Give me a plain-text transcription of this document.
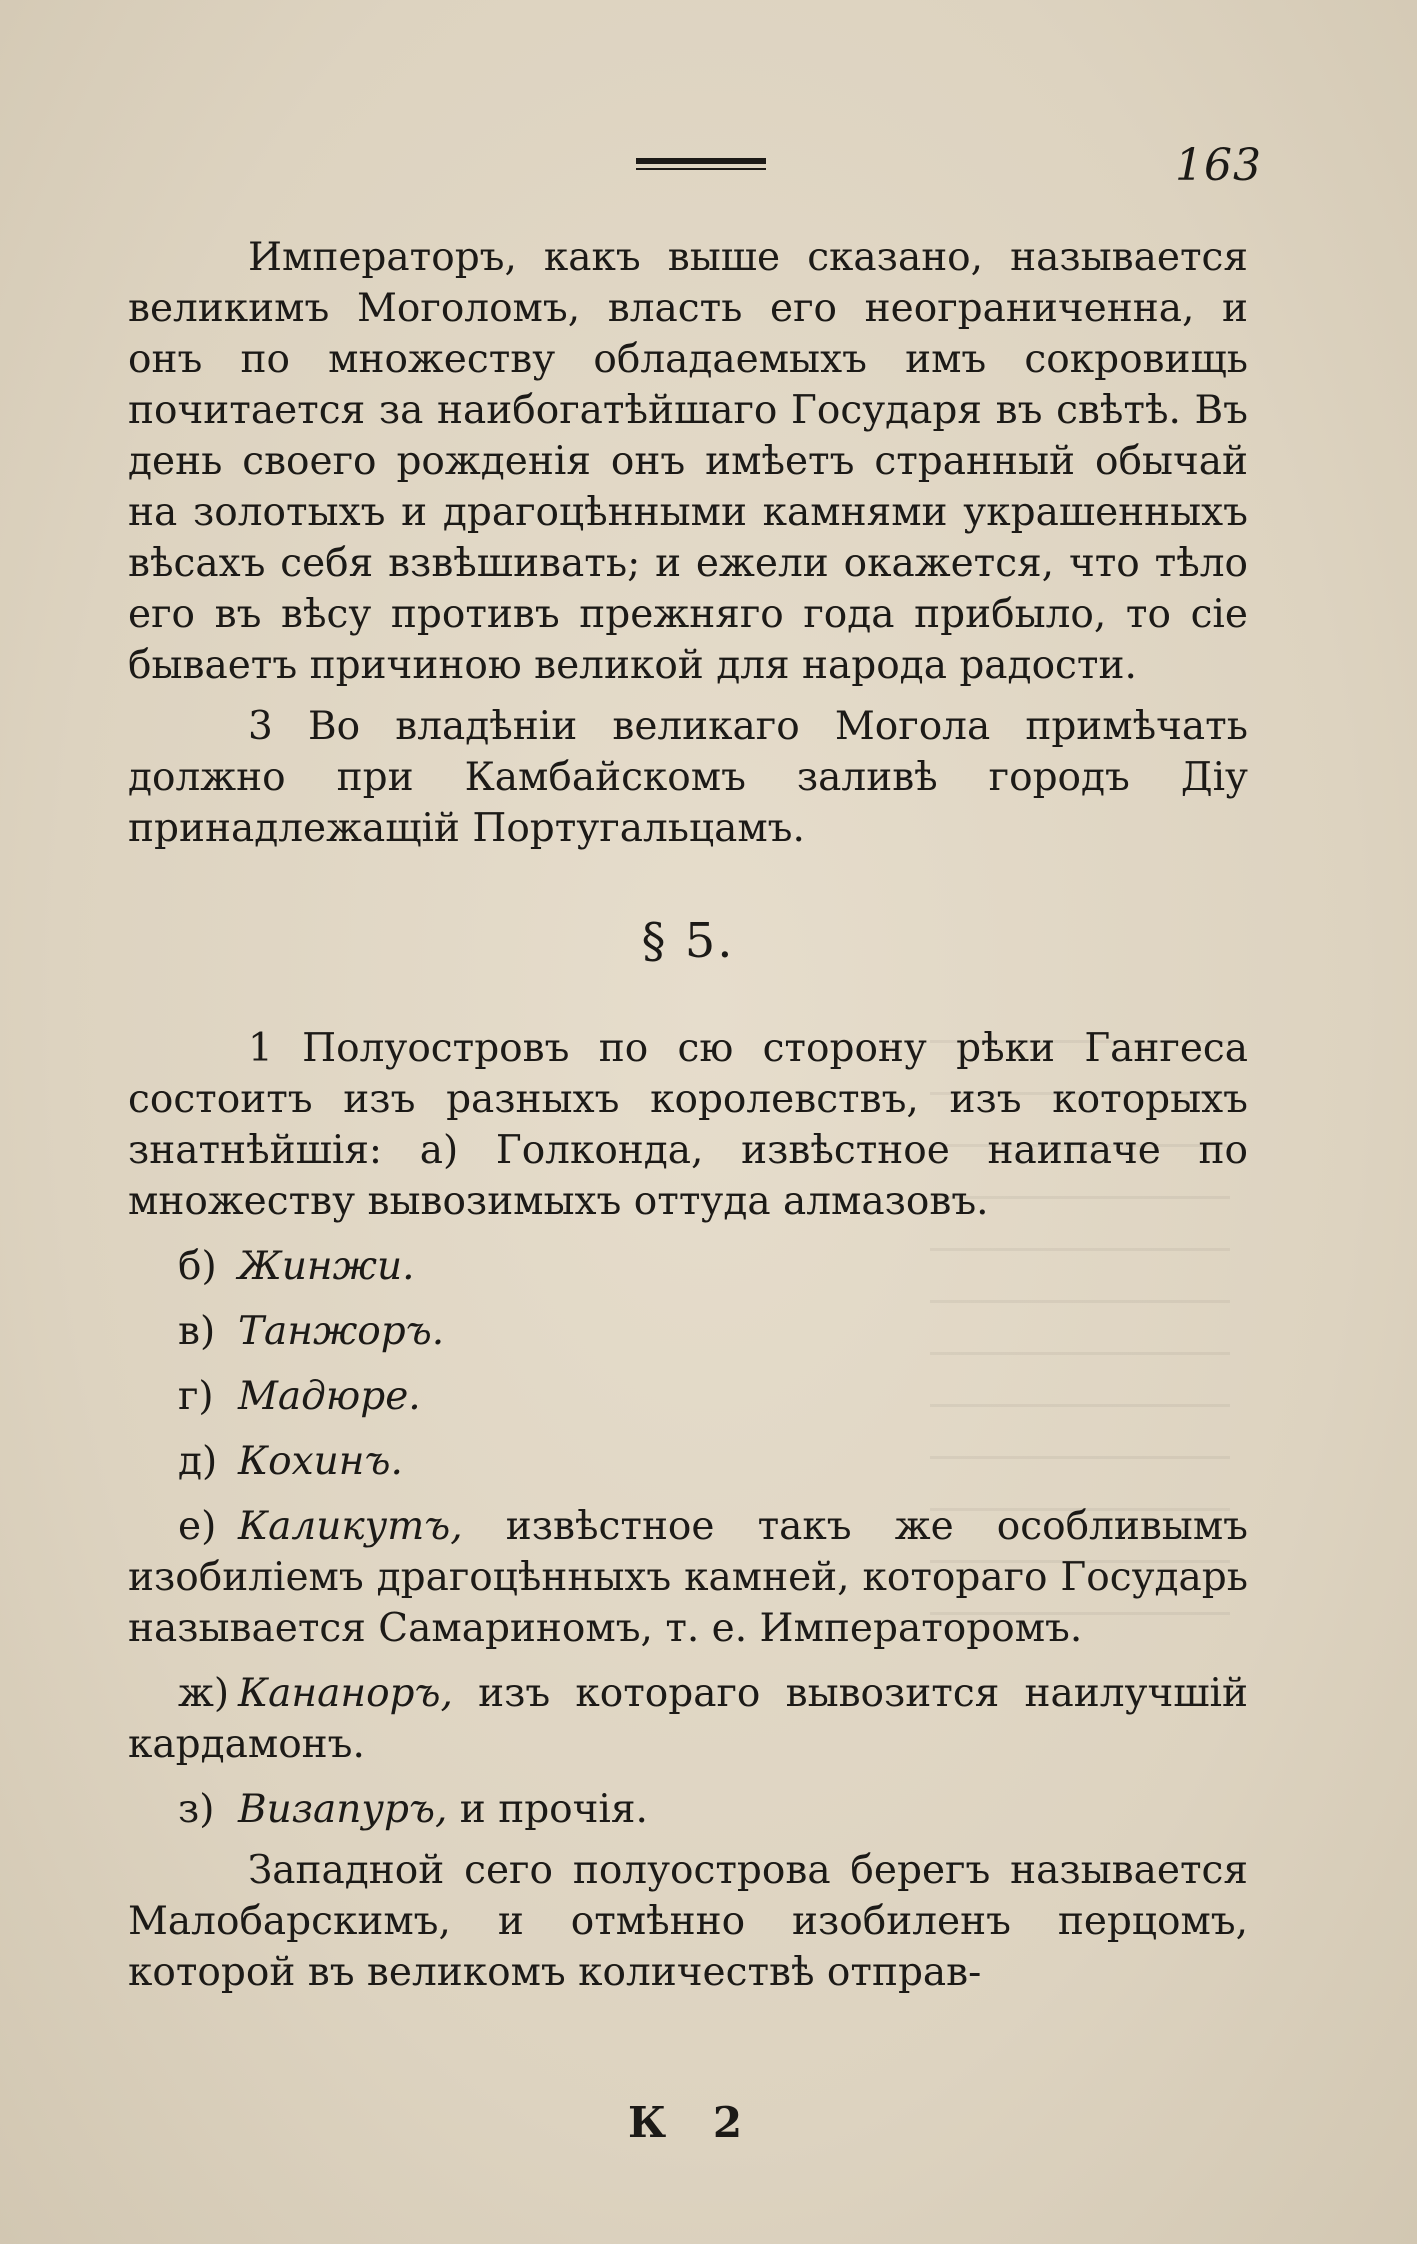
163

Императоръ, какъ выше сказано, называется великимъ Моголомъ, власть его неограниченна, и онъ по множеству обладаемыхъ имъ сокровищь почитается за наибогатѣйшаго Государя въ свѣтѣ. Въ день своего рожденія онъ имѣетъ странный обычай на золотыхъ и драгоцѣнными камнями украшенныхъ вѣсахъ себя взвѣшивать; и ежели окажется, что тѣло его въ вѣсу противъ прежняго года прибыло, то сіе бываетъ причиною великой для народа радости.

3 Во владѣніи великаго Могола примѣчать должно при Камбайскомъ заливѣ городъ Діу принадлежащій Португальцамъ.

§ 5.

1 Полуостровъ по сю сторону рѣки Гангеса состоитъ изъ разныхъ королевствъ, изъ которыхъ знатнѣйшія: а) Голконда, извѣстное наипаче по множеству вывозимыхъ оттуда алмазовъ.

б) Жинжи.

в) Танжоръ.

г) Мадюре.

д) Кохинъ.

е) Каликутъ, извѣстное такъ же особливымъ изобиліемъ драгоцѣнныхъ камней, котораго Государь называется Самариномъ, т. е. Императоромъ.

ж) Кананоръ, изъ котораго вывозится наилучшій кардамонъ.

з) Визапуръ, и прочія.

Западной сего полуострова берегъ называется Малобарскимъ, и отмѣнно изобиленъ перцомъ, которой въ великомъ количествѣ отправ-

К 2
